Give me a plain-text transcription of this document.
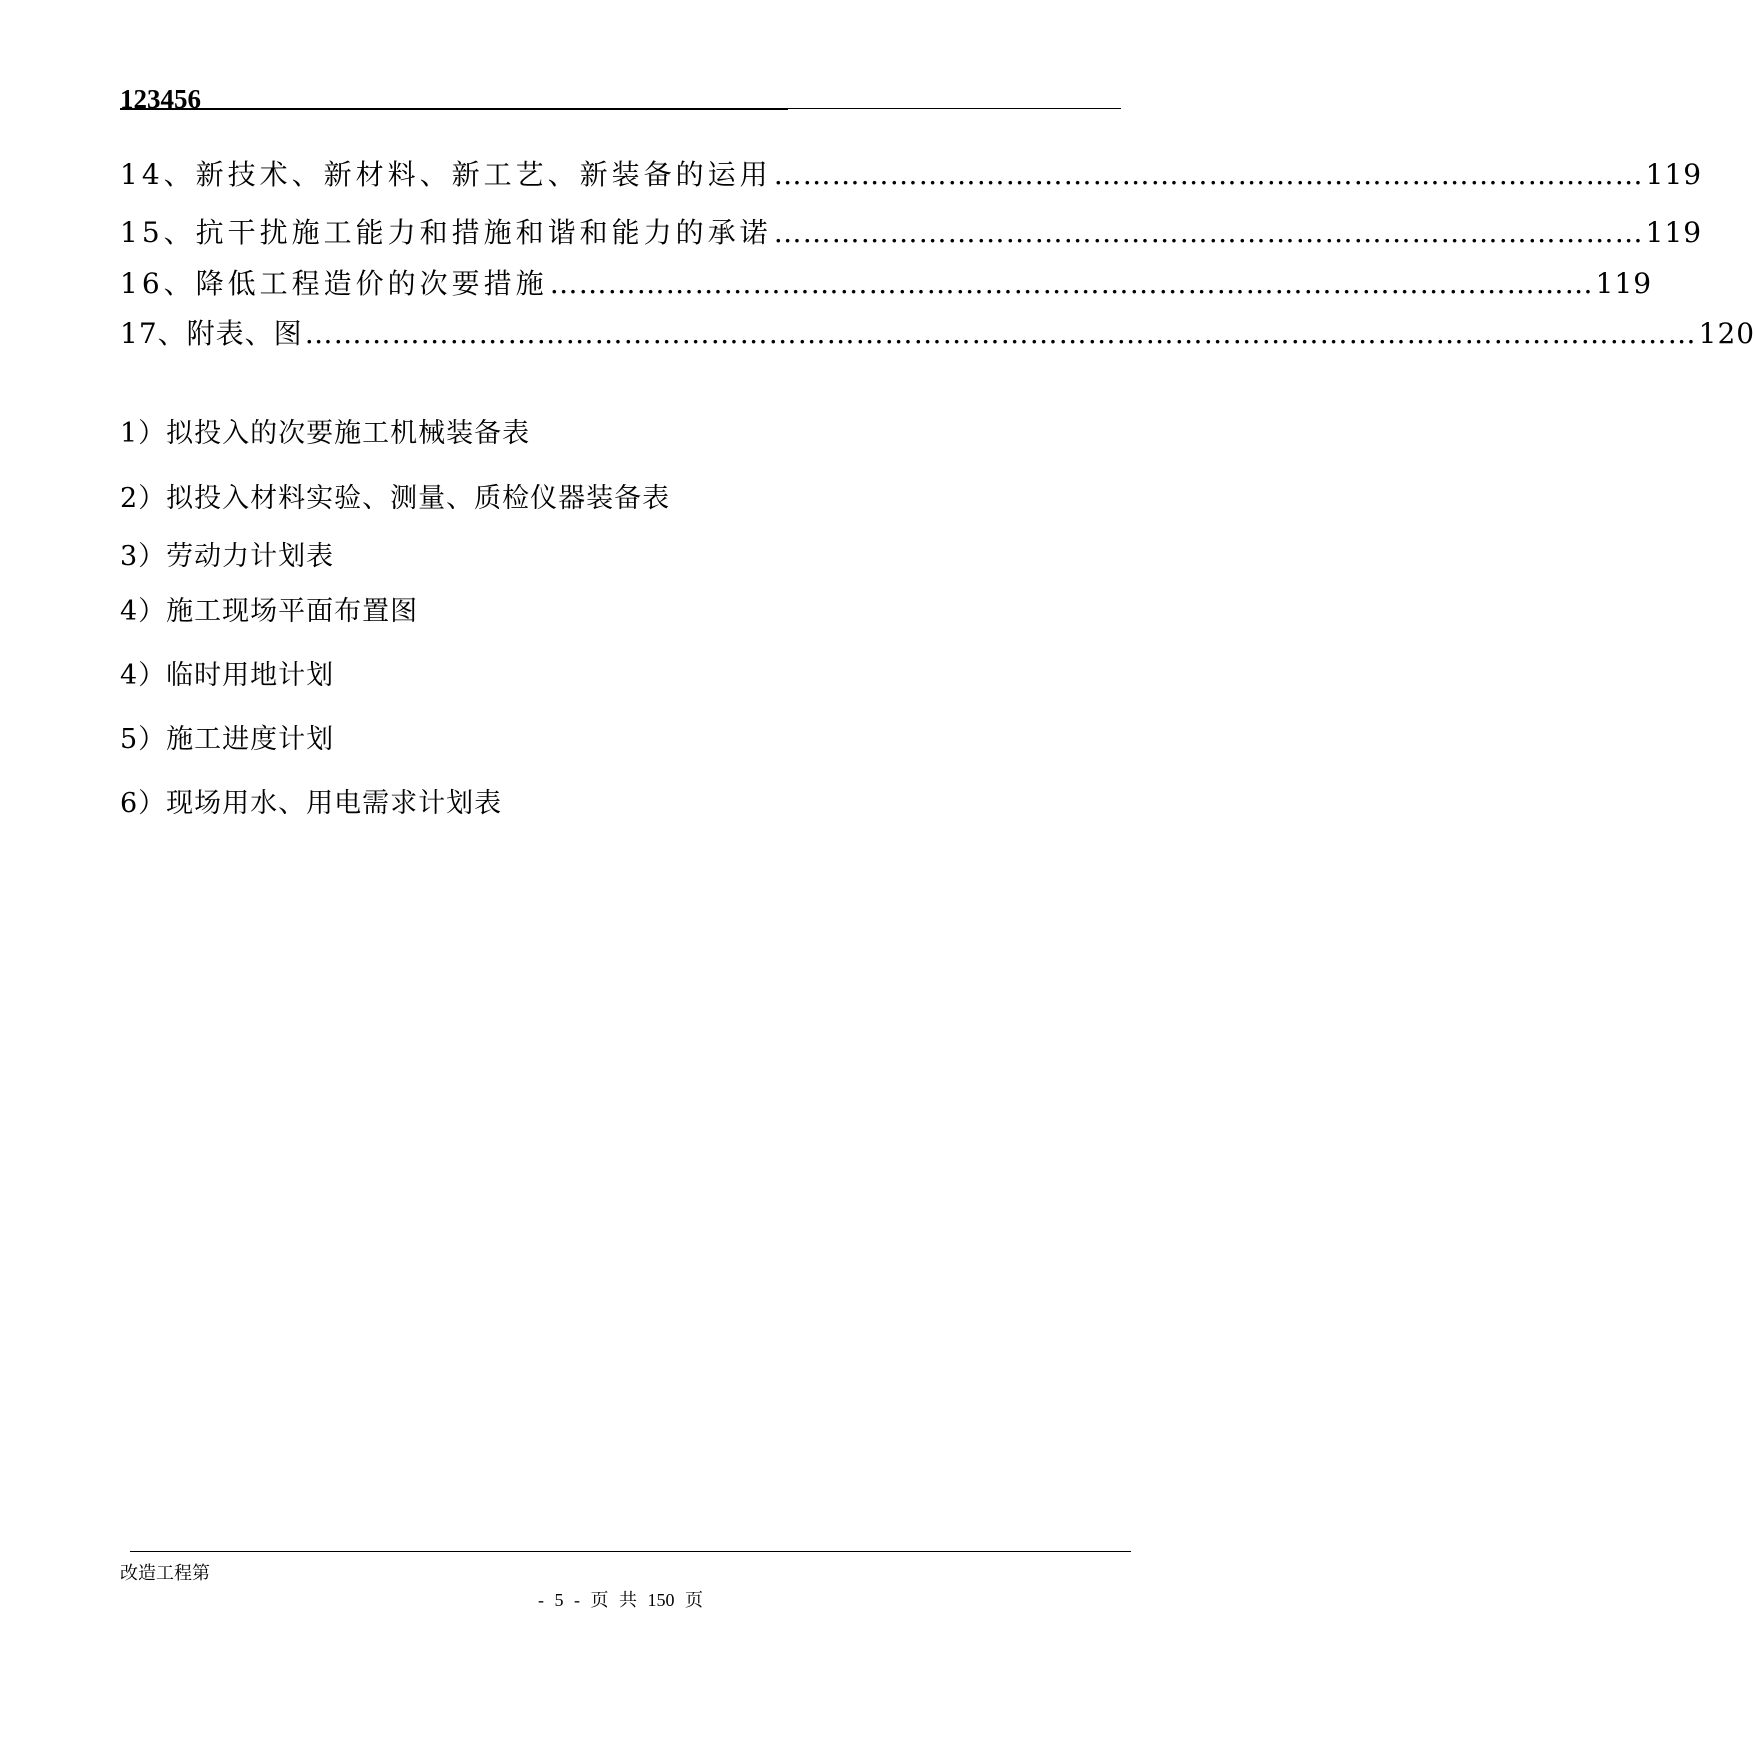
123456
14、新技术、新材料、新工艺、新装备的运用 ……………………………………………………………………………… 119
15、抗干扰施工能力和措施和谐和能力的承诺 ……………………………………………………………………………… 119
16、降低工程造价的次要措施 ……………………………………………………………………………………………… 119
17、附表、图 ……………………………………………………………………………………………………………………………… 120
1）拟投入的次要施工机械装备表
2）拟投入材料实验、测量、质检仪器装备表
3）劳动力计划表
4）施工现场平面布置图
4）临时用地计划
5）施工进度计划
6）现场用水、用电需求计划表
改造工程第
- 5 - 页 共 150 页
